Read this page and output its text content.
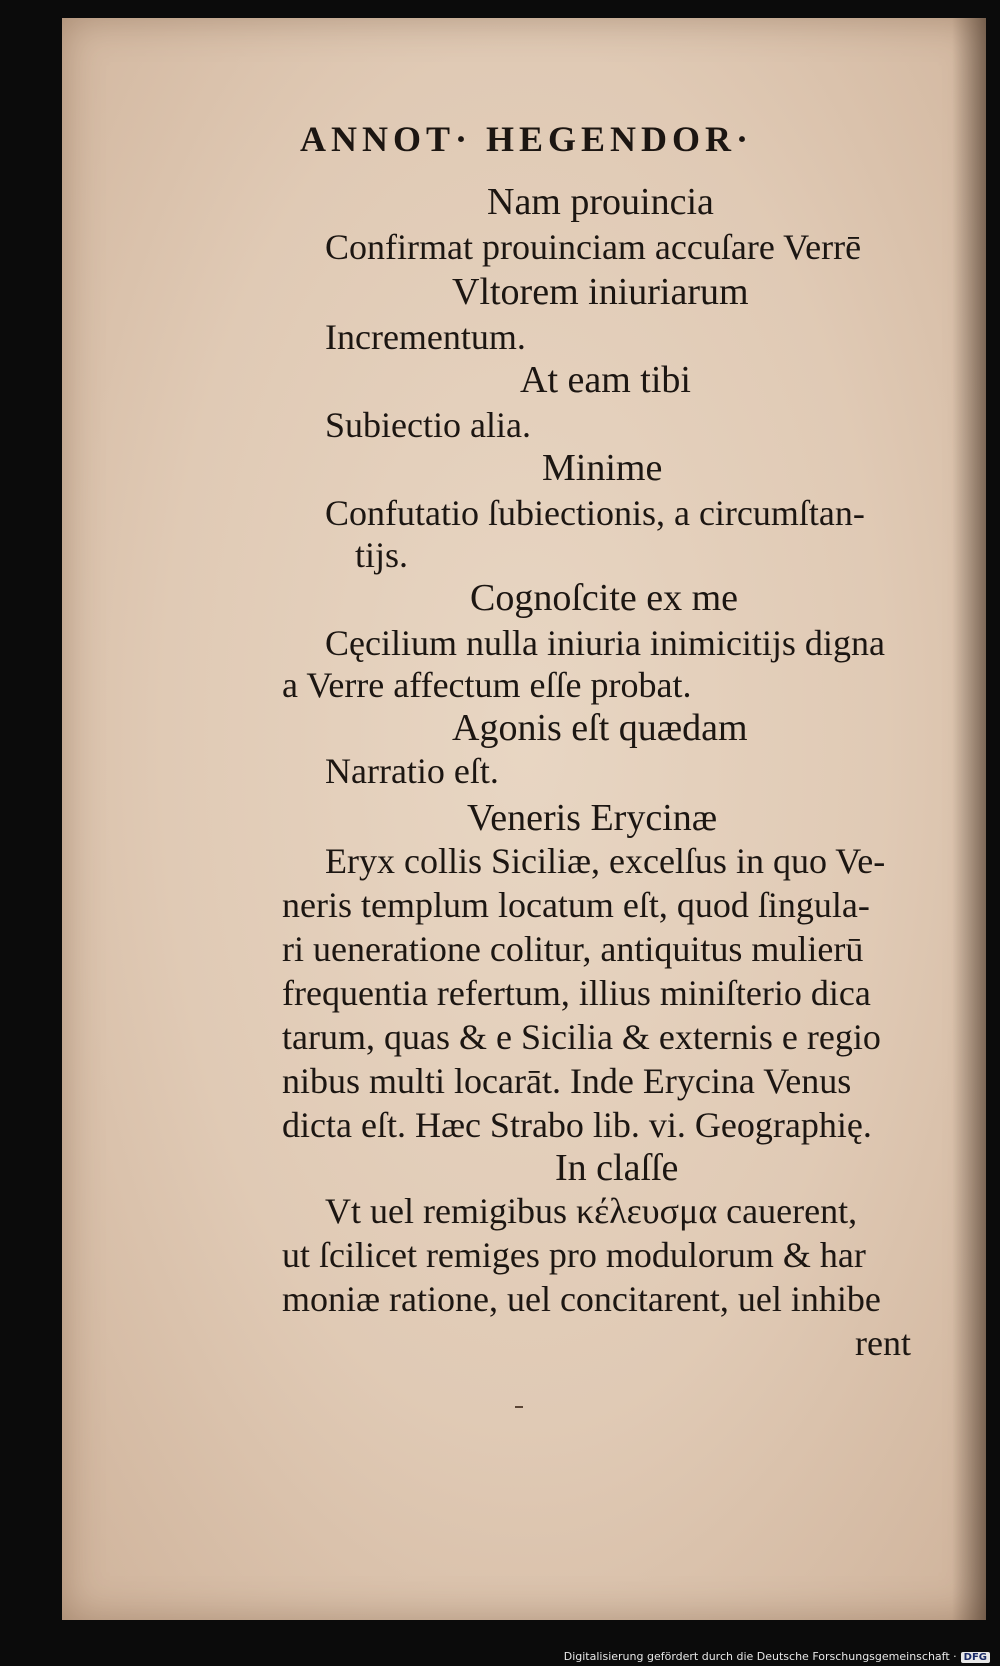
ANNOT· HEGENDOR·
Nam prouincia
Confirmat prouinciam accuſare Verrē
Vltorem iniuriarum
Incrementum.
At eam tibi
Subiectio alia.
Minime
Confutatio ſubiectionis, a circumſtan-
tijs.
Cognoſcite ex me
Cęcilium nulla iniuria inimicitijs digna
a Verre affectum eſſe probat.
Agonis eſt quædam
Narratio eſt.
Veneris Erycinæ
Eryx collis Siciliæ, excelſus in quo Ve-
neris templum locatum eſt, quod ſingula-
ri ueneratione colitur, antiquitus mulierū
frequentia refertum, illius miniſterio dica
tarum, quas & e Sicilia & externis e regio
nibus multi locarāt. Inde Erycina Venus
dicta eſt. Hæc Strabo lib. vi. Geographię.
In claſſe
Vt uel remigibus κέλευσμα cauerent,
ut ſcilicet remiges pro modulorum & har
moniæ ratione, uel concitarent, uel inhibe
rent
Digitalisierung gefördert durch die Deutsche Forschungsgemeinschaft · DFG
